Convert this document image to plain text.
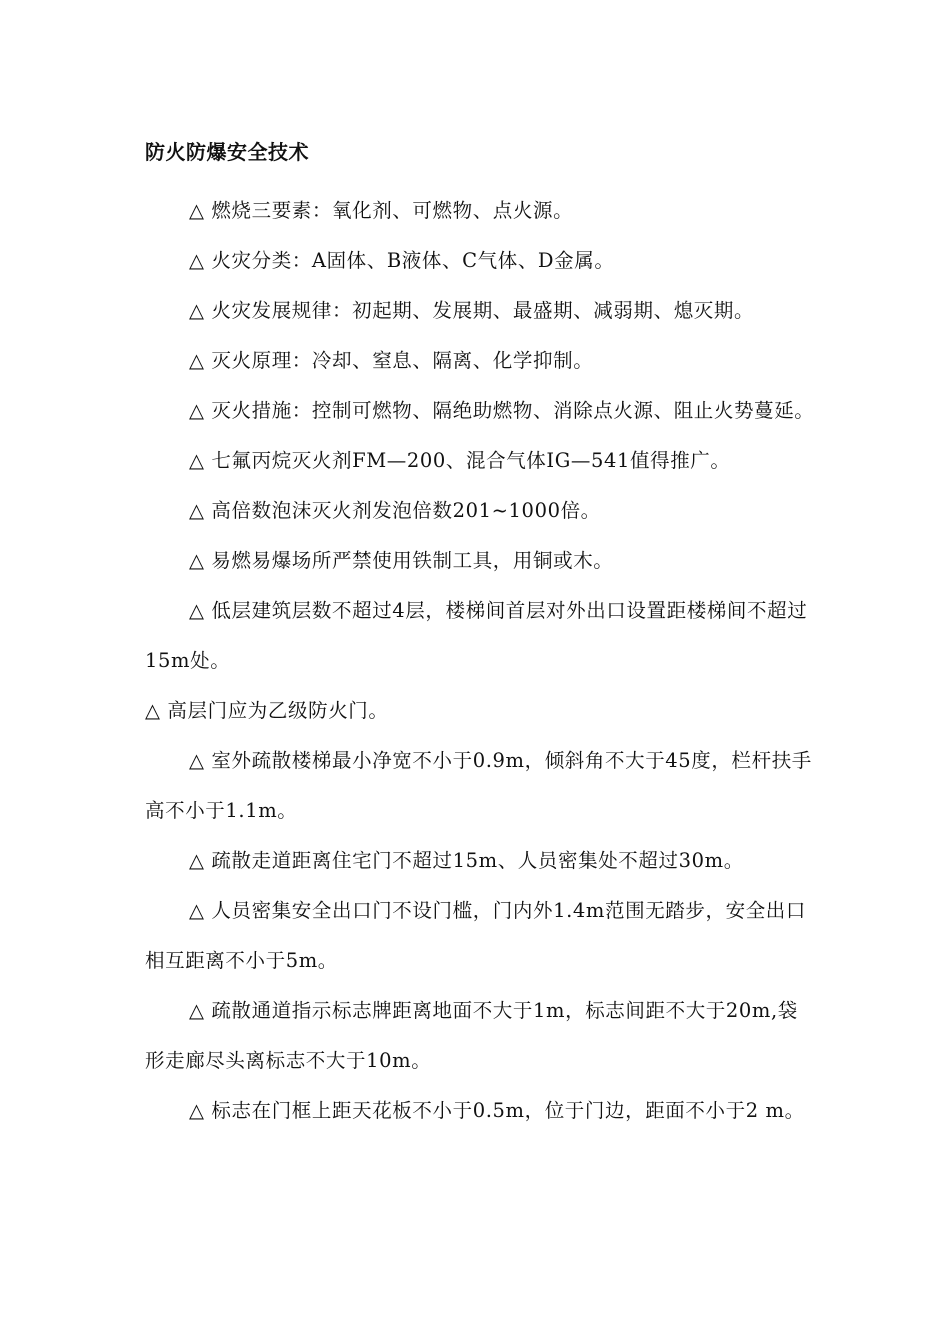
防火防爆安全技术

△ 燃烧三要素：氧化剂、可燃物、点火源。

△ 火灾分类：A固体、B液体、C气体、D金属。

△ 火灾发展规律：初起期、发展期、最盛期、减弱期、熄灭期。

△ 灭火原理：冷却、窒息、隔离、化学抑制。

△ 灭火措施：控制可燃物、隔绝助燃物、消除点火源、阻止火势蔓延。

△ 七氟丙烷灭火剂FM—200、混合气体IG—541值得推广。

△ 高倍数泡沫灭火剂发泡倍数201~1000倍。

△ 易燃易爆场所严禁使用铁制工具，用铜或木。

△ 低层建筑层数不超过4层，楼梯间首层对外出口设置距楼梯间不超过15m处。

△ 高层门应为乙级防火门。

△ 室外疏散楼梯最小净宽不小于0.9m，倾斜角不大于45度，栏杆扶手高不小于1.1m。

△ 疏散走道距离住宅门不超过15m、人员密集处不超过30m。

△ 人员密集安全出口门不设门槛，门内外1.4m范围无踏步，安全出口相互距离不小于5m。

△ 疏散通道指示标志牌距离地面不大于1m，标志间距不大于20m,袋形走廊尽头离标志不大于10m。

△ 标志在门框上距天花板不小于0.5m，位于门边，距面不小于2 m。
